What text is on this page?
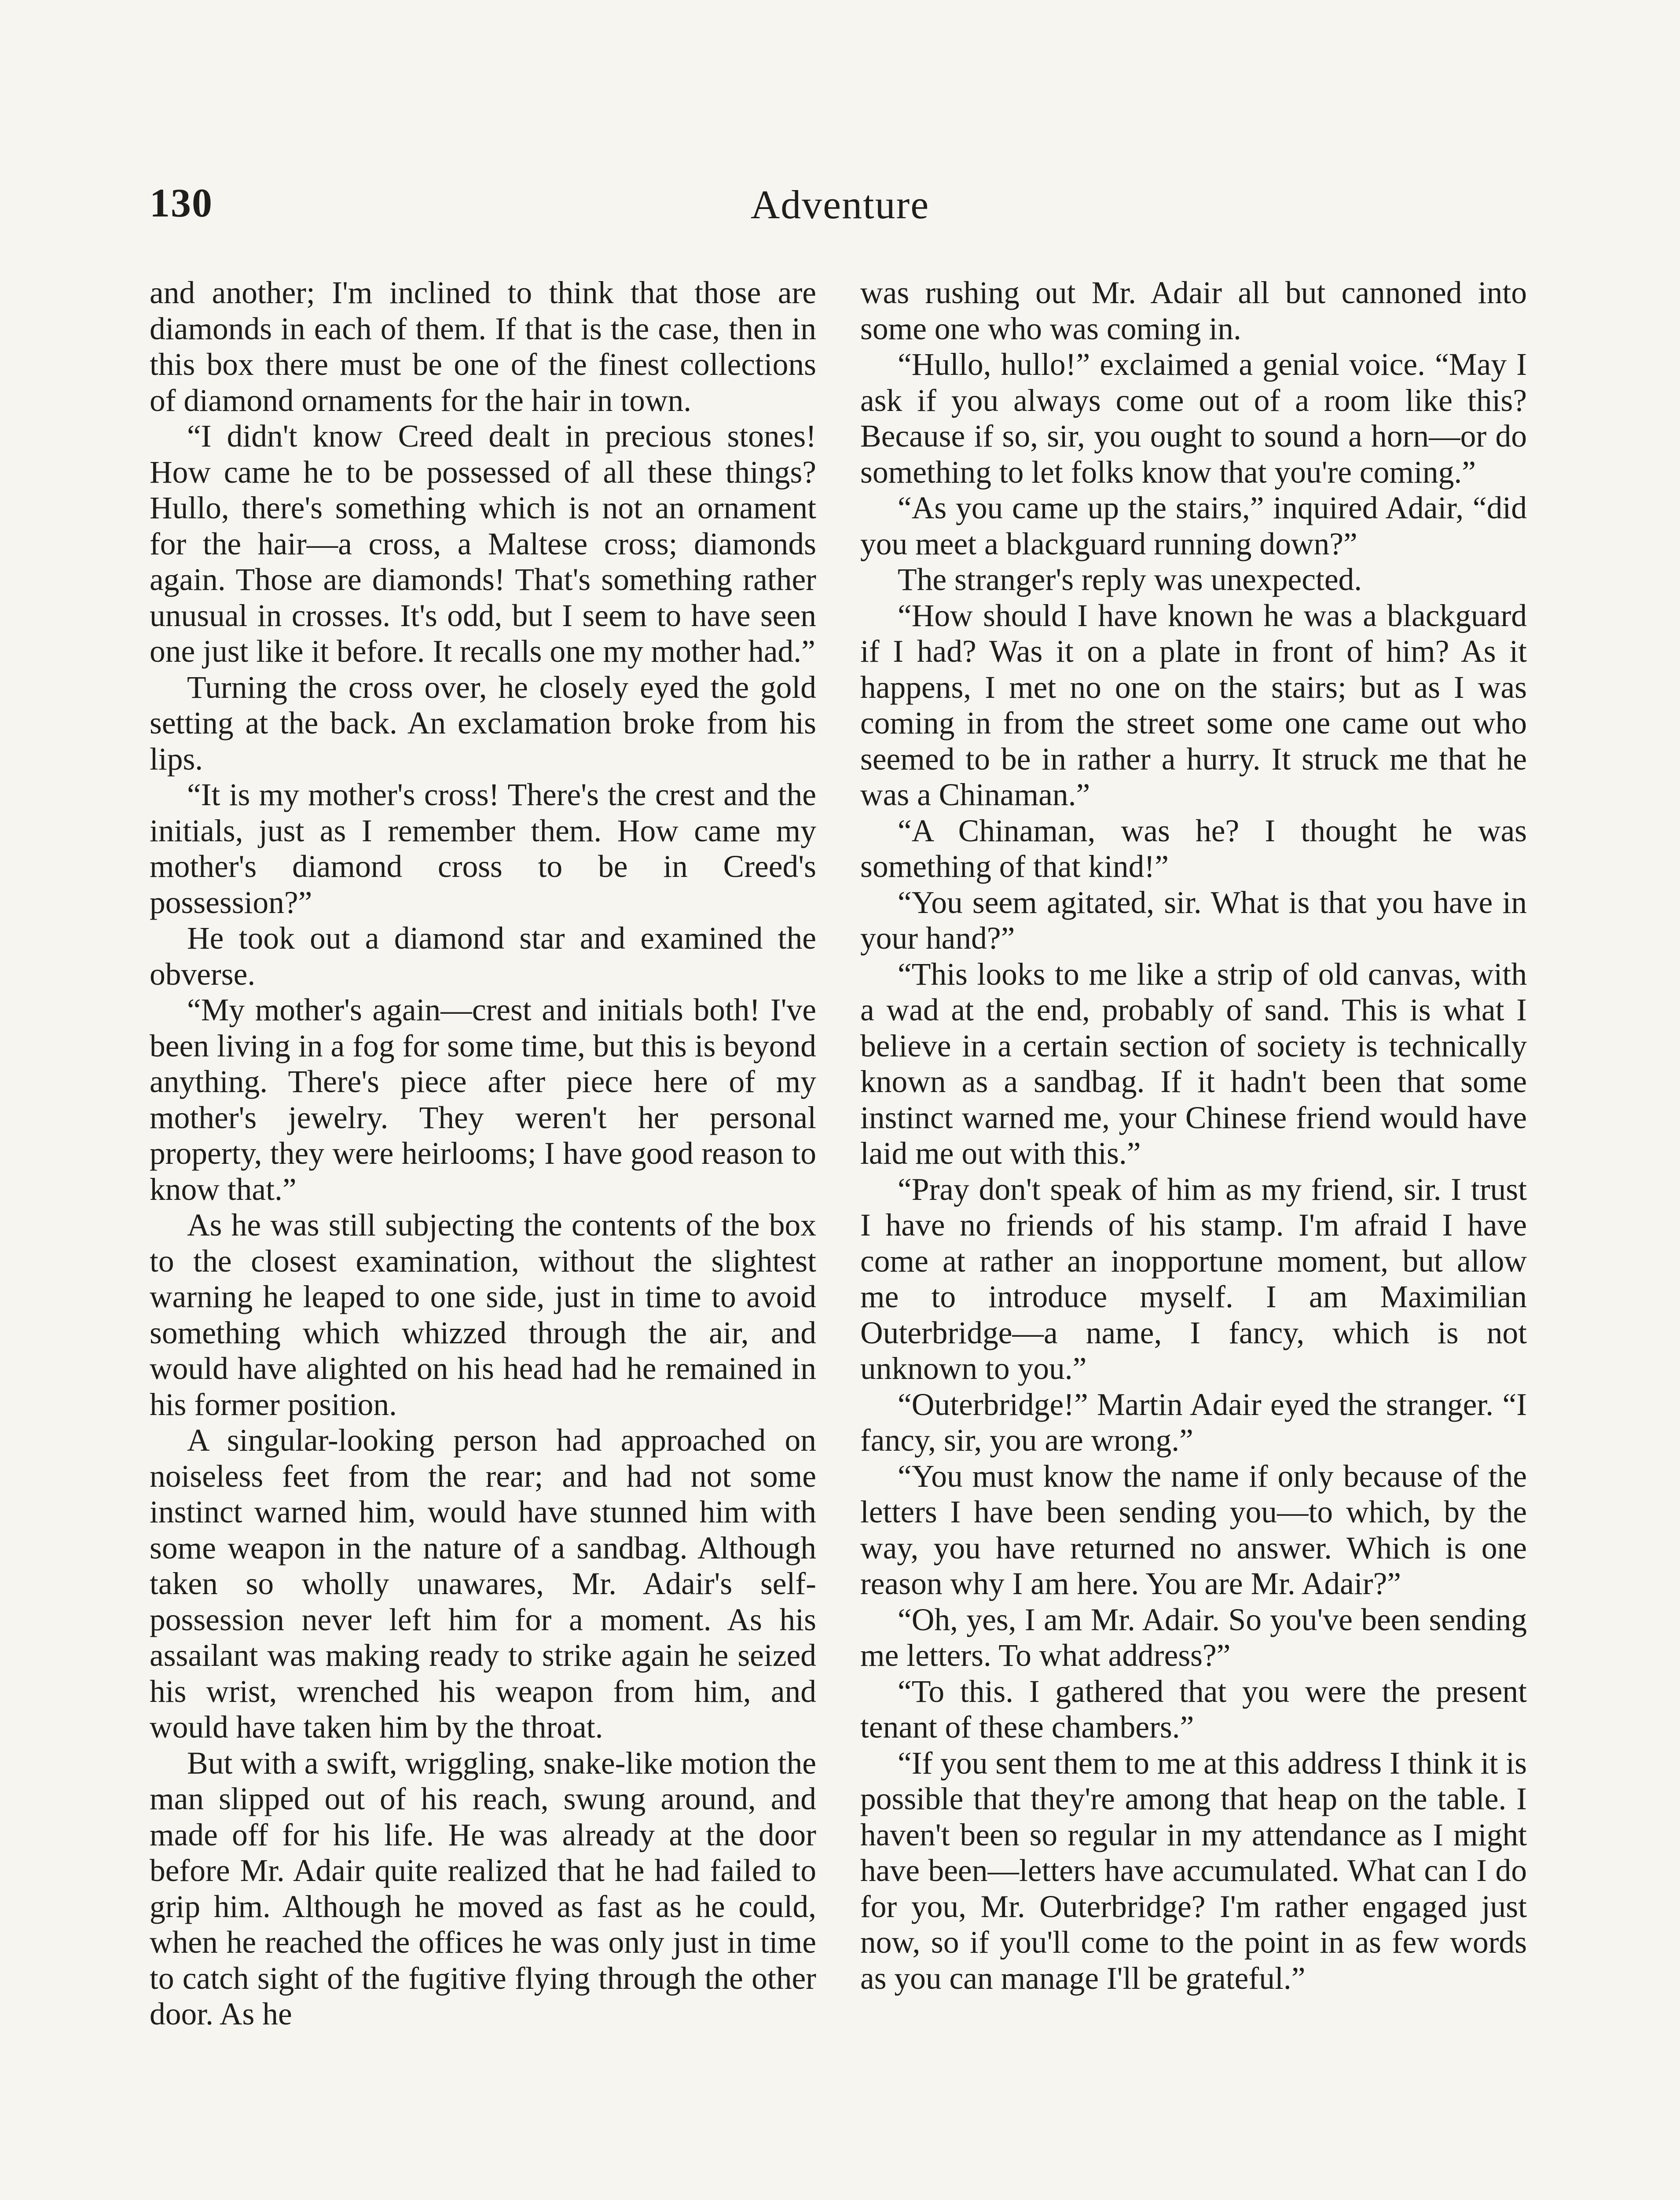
130	Adventure

and another; I'm inclined to think that those are diamonds in each of them. If that is the case, then in this box there must be one of the finest collections of diamond ornaments for the hair in town.

“I didn't know Creed dealt in precious stones! How came he to be possessed of all these things? Hullo, there's something which is not an ornament for the hair—a cross, a Maltese cross; diamonds again. Those are diamonds! That's something rather unusual in crosses. It's odd, but I seem to have seen one just like it before. It recalls one my mother had.”

Turning the cross over, he closely eyed the gold setting at the back. An exclamation broke from his lips.

“It is my mother's cross! There's the crest and the initials, just as I remember them. How came my mother's diamond cross to be in Creed's possession?”

He took out a diamond star and examined the obverse.

“My mother's again—crest and initials both! I've been living in a fog for some time, but this is beyond anything. There's piece after piece here of my mother's jewelry. They weren't her personal property, they were heirlooms; I have good reason to know that.”

As he was still subjecting the contents of the box to the closest examination, without the slightest warning he leaped to one side, just in time to avoid something which whizzed through the air, and would have alighted on his head had he remained in his former position.

A singular-looking person had approached on noiseless feet from the rear; and had not some instinct warned him, would have stunned him with some weapon in the nature of a sandbag. Although taken so wholly unawares, Mr. Adair's self-possession never left him for a moment. As his assailant was making ready to strike again he seized his wrist, wrenched his weapon from him, and would have taken him by the throat.

But with a swift, wriggling, snake-like motion the man slipped out of his reach, swung around, and made off for his life. He was already at the door before Mr. Adair quite realized that he had failed to grip him. Although he moved as fast as he could, when he reached the offices he was only just in time to catch sight of the fugitive flying through the other door. As he

was rushing out Mr. Adair all but cannoned into some one who was coming in.

“Hullo, hullo!” exclaimed a genial voice. “May I ask if you always come out of a room like this? Because if so, sir, you ought to sound a horn—or do something to let folks know that you're coming.”

“As you came up the stairs,” inquired Adair, “did you meet a blackguard running down?”

The stranger's reply was unexpected.

“How should I have known he was a blackguard if I had? Was it on a plate in front of him? As it happens, I met no one on the stairs; but as I was coming in from the street some one came out who seemed to be in rather a hurry. It struck me that he was a Chinaman.”

“A Chinaman, was he? I thought he was something of that kind!”

“You seem agitated, sir. What is that you have in your hand?”

“This looks to me like a strip of old canvas, with a wad at the end, probably of sand. This is what I believe in a certain section of society is technically known as a sandbag. If it hadn't been that some instinct warned me, your Chinese friend would have laid me out with this.”

“Pray don't speak of him as my friend, sir. I trust I have no friends of his stamp. I'm afraid I have come at rather an inopportune moment, but allow me to introduce myself. I am Maximilian Outerbridge—a name, I fancy, which is not unknown to you.”

“Outerbridge!” Martin Adair eyed the stranger. “I fancy, sir, you are wrong.”

“You must know the name if only because of the letters I have been sending you—to which, by the way, you have returned no answer. Which is one reason why I am here. You are Mr. Adair?”

“Oh, yes, I am Mr. Adair. So you've been sending me letters. To what address?”

“To this. I gathered that you were the present tenant of these chambers.”

“If you sent them to me at this address I think it is possible that they're among that heap on the table. I haven't been so regular in my attendance as I might have been—letters have accumulated. What can I do for you, Mr. Outerbridge? I'm rather engaged just now, so if you'll come to the point in as few words as you can manage I'll be grateful.”
